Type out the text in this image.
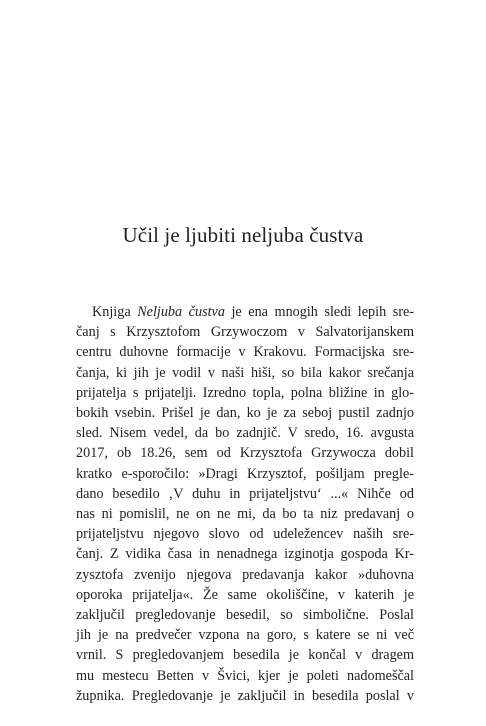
Učil je ljubiti neljuba čustva

Knjiga Neljuba čustva je ena mnogih sledi lepih sre-
čanj s Krzysztofom Grzywoczom v Salvatorijanskem
centru duhovne formacije v Krakovu. Formacijska sre-
čanja, ki jih je vodil v naši hiši, so bila kakor srečanja
prijatelja s prijatelji. Izredno topla, polna bližine in glo-
bokih vsebin. Prišel je dan, ko je za seboj pustil zadnjo
sled. Nisem vedel, da bo zadnjič. V sredo, 16. avgusta
2017, ob 18.26, sem od Krzysztofa Grzywocza dobil
kratko e-sporočilo: »Dragi Krzysztof, pošiljam pregle-
dano besedilo ‚V duhu in prijateljstvu‘ ...« Nihče od
nas ni pomislil, ne on ne mi, da bo ta niz predavanj o
prijateljstvu njegovo slovo od udeležencev naših sre-
čanj. Z vidika časa in nenadnega izginotja gospoda Kr-
zysztofa zvenijo njegova predavanja kakor »duhovna
oporoka prijatelja«. Že same okoliščine, v katerih je
zaključil pregledovanje besedil, so simbolične. Poslal
jih je na predvečer vzpona na goro, s katere se ni več
vrnil. S pregledovanjem besedila je končal v dragem
mu mestecu Betten v Švici, kjer je poleti nadomeščal
župnika. Pregledovanje je zaključil in besedila poslal v
